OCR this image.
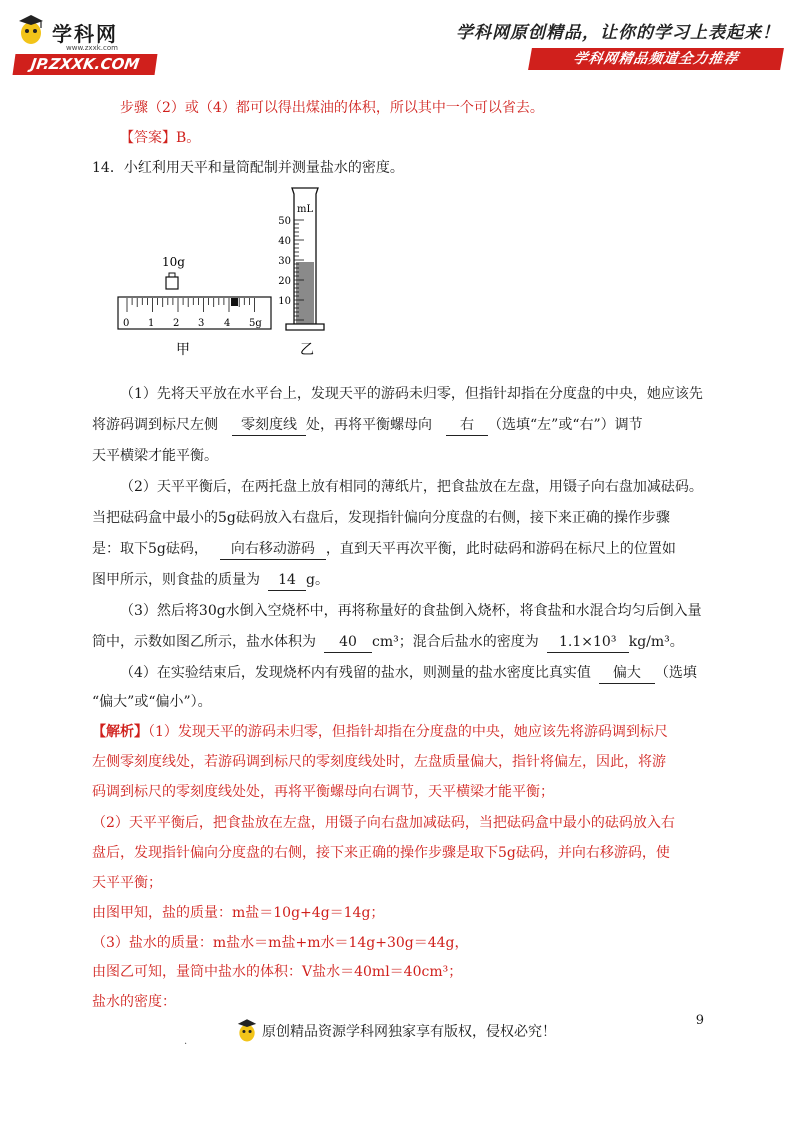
学科网
www.zxxk.com
JP.ZXXK.COM
学科网原创精品，让你的学习上表起来！
学科网精品频道全力推荐
步骤（2）或（4）都可以得出煤油的体积，所以其中一个可以省去。
【答案】B。
14．小红利用天平和量筒配制并测量盐水的密度。
10g
0 1 2 3 4 5g
甲
mL
50
40
30
20
10
乙
（1）先将天平放在水平台上，发现天平的游码未归零，但指针却指在分度盘的中央，她应该先
将游码调到标尺左侧 零刻度线 处，再将平衡螺母向 右 （选填“左”或“右”）调节
天平横梁才能平衡。
（2）天平平衡后，在两托盘上放有相同的薄纸片，把食盐放在左盘，用镊子向右盘加减砝码。
当把砝码盒中最小的5g砝码放入右盘后，发现指针偏向分度盘的右侧，接下来正确的操作步骤
是：取下5g砝码， 向右移动游码 ，直到天平再次平衡，此时砝码和游码在标尺上的位置如
图甲所示，则食盐的质量为 14 g。
（3）然后将30g水倒入空烧杯中，再将称量好的食盐倒入烧杯，将食盐和水混合均匀后倒入量
筒中，示数如图乙所示，盐水体积为 40 cm³；混合后盐水的密度为 1.1×10³ kg/m³。
（4）在实验结束后，发现烧杯内有残留的盐水，则测量的盐水密度比真实值 偏大 （选填
“偏大”或“偏小”）。
【解析】（1）发现天平的游码未归零，但指针却指在分度盘的中央，她应该先将游码调到标尺
左侧零刻度线处，若游码调到标尺的零刻度线处时，左盘质量偏大，指针将偏左，因此，将游
码调到标尺的零刻度线处处，再将平衡螺母向右调节，天平横梁才能平衡；
（2）天平平衡后，把食盐放在左盘，用镊子向右盘加减砝码，当把砝码盒中最小的砝码放入右
盘后，发现指针偏向分度盘的右侧，接下来正确的操作步骤是取下5g砝码，并向右移游码，使
天平平衡；
由图甲知，盐的质量：m盐＝10g+4g＝14g；
（3）盐水的质量：m盐水＝m盐+m水＝14g+30g＝44g，
由图乙可知，量筒中盐水的体积：V盐水＝40ml＝40cm³；
盐水的密度：
9
.
原创精品资源学科网独家享有版权，侵权必究！
